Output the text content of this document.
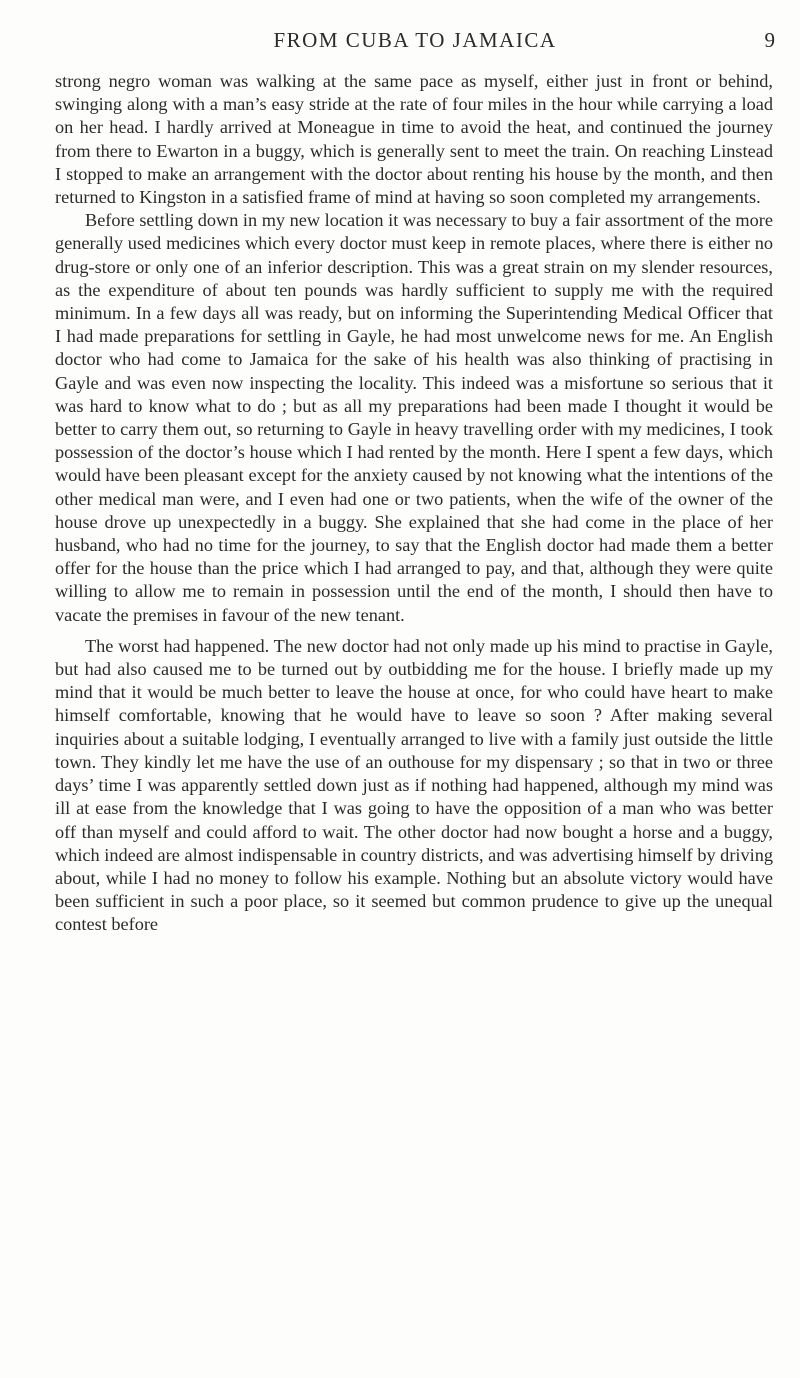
FROM CUBA TO JAMAICA	9

strong negro woman was walking at the same pace as myself, either just in front or behind, swinging along with a man’s easy stride at the rate of four miles in the hour while carrying a load on her head. I hardly arrived at Moneague in time to avoid the heat, and continued the journey from there to Ewarton in a buggy, which is generally sent to meet the train. On reaching Linstead I stopped to make an arrangement with the doctor about renting his house by the month, and then returned to Kingston in a satisfied frame of mind at having so soon completed my arrangements.

Before settling down in my new location it was necessary to buy a fair assortment of the more generally used medicines which every doctor must keep in remote places, where there is either no drug-store or only one of an inferior description. This was a great strain on my slender resources, as the expenditure of about ten pounds was hardly sufficient to supply me with the required minimum. In a few days all was ready, but on informing the Superintending Medical Officer that I had made preparations for settling in Gayle, he had most unwelcome news for me. An English doctor who had come to Jamaica for the sake of his health was also thinking of practising in Gayle and was even now inspecting the locality. This indeed was a misfortune so serious that it was hard to know what to do ; but as all my preparations had been made I thought it would be better to carry them out, so returning to Gayle in heavy travelling order with my medicines, I took possession of the doctor’s house which I had rented by the month. Here I spent a few days, which would have been pleasant except for the anxiety caused by not knowing what the intentions of the other medical man were, and I even had one or two patients, when the wife of the owner of the house drove up unexpectedly in a buggy. She explained that she had come in the place of her husband, who had no time for the journey, to say that the English doctor had made them a better offer for the house than the price which I had arranged to pay, and that, although they were quite willing to allow me to remain in possession until the end of the month, I should then have to vacate the premises in favour of the new tenant.

The worst had happened. The new doctor had not only made up his mind to practise in Gayle, but had also caused me to be turned out by outbidding me for the house. I briefly made up my mind that it would be much better to leave the house at once, for who could have heart to make himself comfortable, knowing that he would have to leave so soon ? After making several inquiries about a suitable lodging, I eventually arranged to live with a family just outside the little town. They kindly let me have the use of an outhouse for my dispensary ; so that in two or three days’ time I was apparently settled down just as if nothing had happened, although my mind was ill at ease from the knowledge that I was going to have the opposition of a man who was better off than myself and could afford to wait. The other doctor had now bought a horse and a buggy, which indeed are almost indispensable in country districts, and was advertising himself by driving about, while I had no money to follow his example. Nothing but an absolute victory would have been sufficient in such a poor place, so it seemed but common prudence to give up the unequal contest before
